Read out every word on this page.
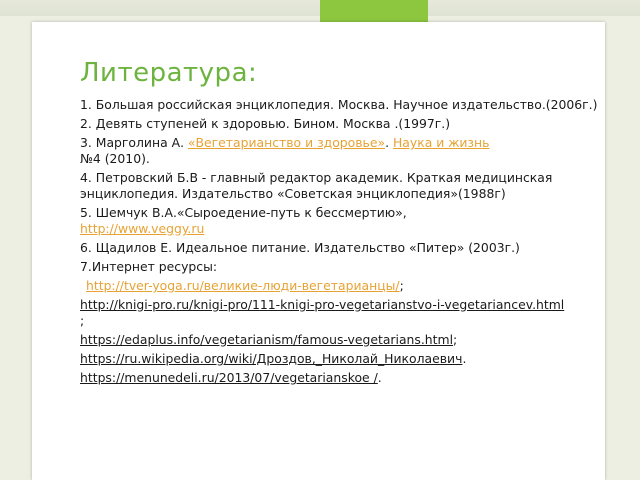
Литература:

1. Большая российская энциклопедия. Москва. Научное издательство.(2006г.)

2. Девять ступеней к здоровью. Бином. Москва .(1997г.)

3. Марголина А. «Вегетарианство и здоровье». Наука и жизнь
№4 (2010).

4. Петровский Б.В - главный редактор академик. Краткая медицинская энциклопедия. Издательство «Советская энциклопедия»(1988г)

5. Шемчук В.А.«Сыроедение-путь к бессмертию»,
http://www.veggy.ru

6. Щадилов Е. Идеальное питание. Издательство «Питер» (2003г.)

7.Интернет ресурсы:

http://tver-yoga.ru/великие-люди-вегетарианцы/;

http://knigi-pro.ru/knigi-pro/111-knigi-pro-vegetarianstvo-i-vegetariancev.html
;

https://edaplus.info/vegetarianism/famous-vegetarians.html;

https://ru.wikipedia.org/wiki/Дроздов,_Николай_Николаевич.

https://menunedeli.ru/2013/07/vegetarianskoe /.
